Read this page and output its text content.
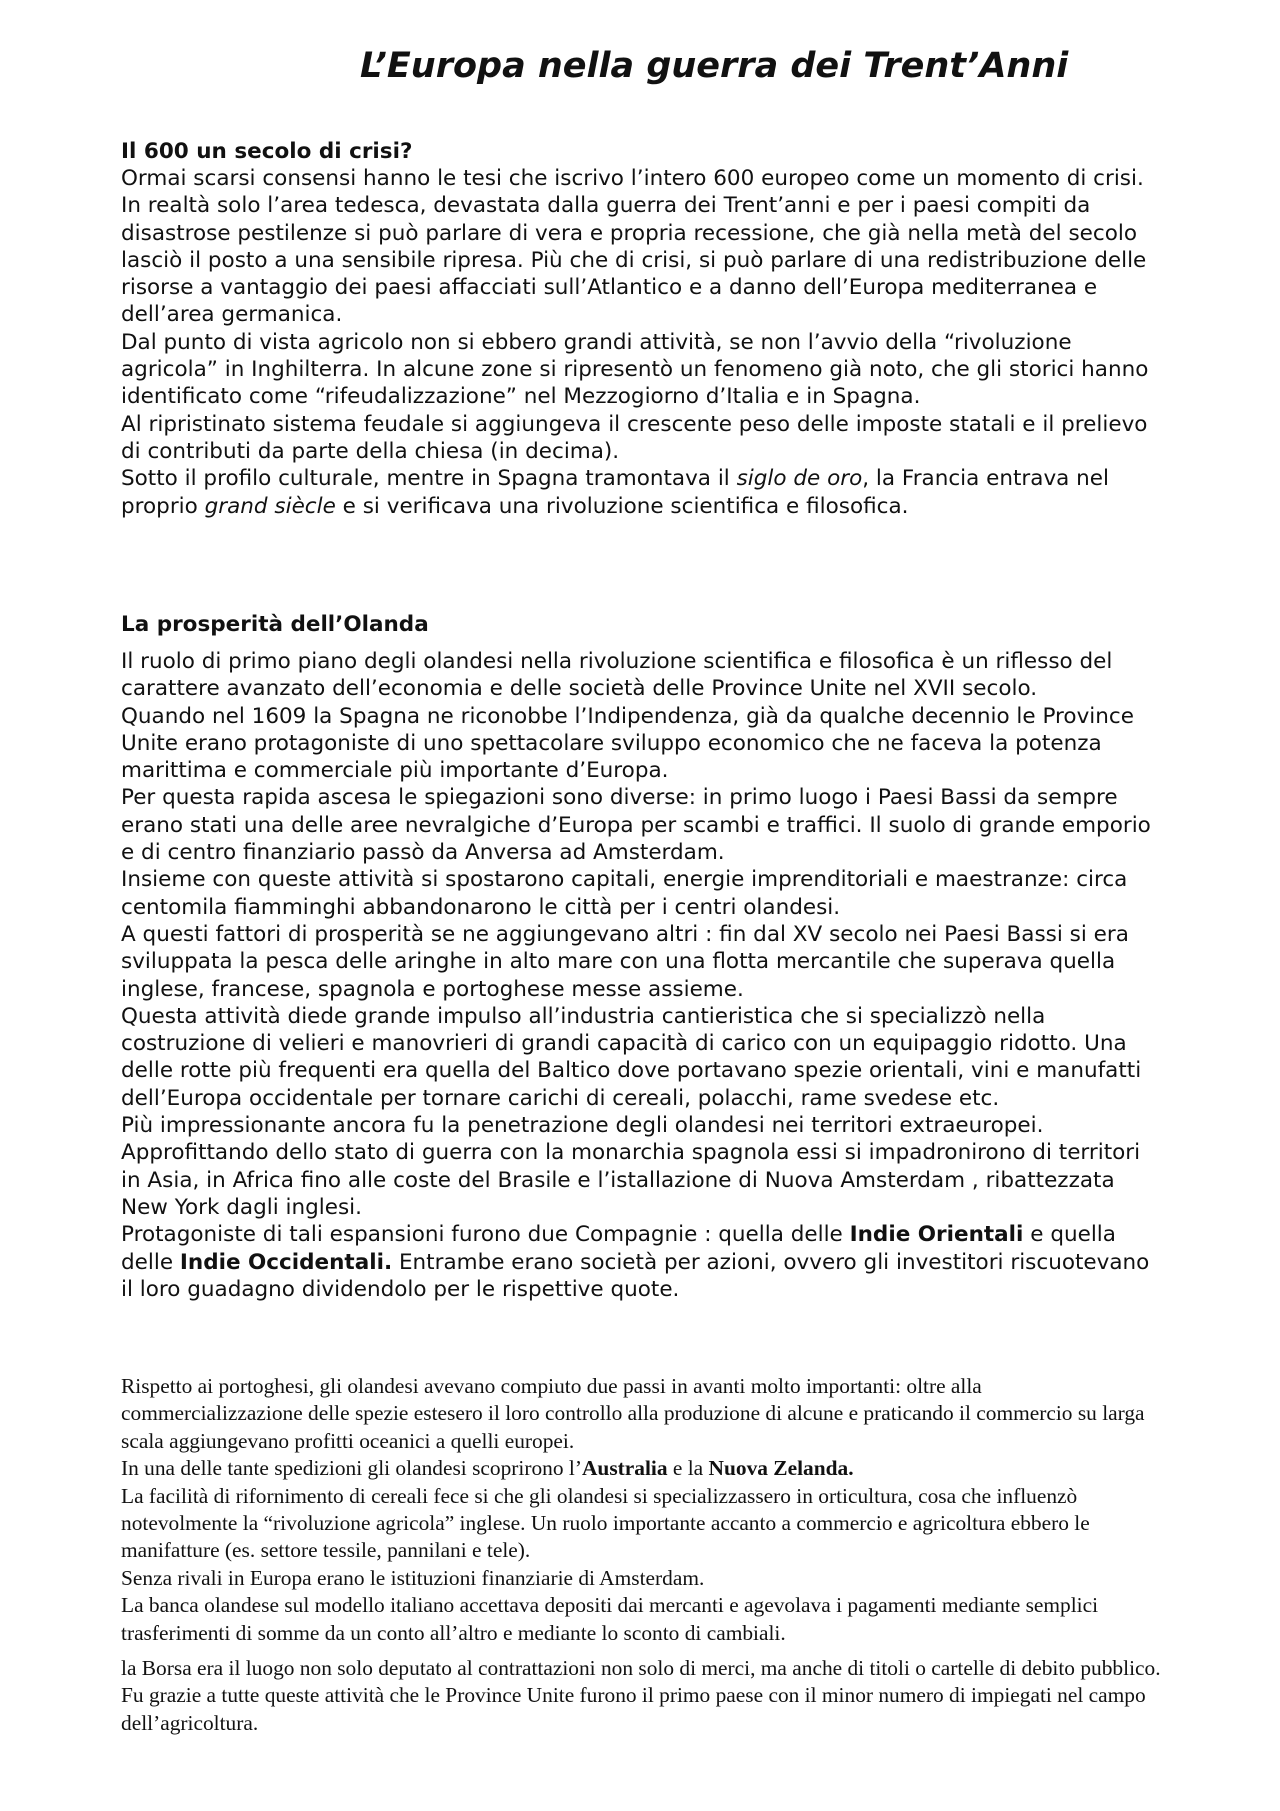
L’Europa nella guerra dei Trent’Anni
Il 600 un secolo di crisi?

Ormai scarsi consensi hanno le tesi che iscrivo l’intero 600 europeo come un momento di crisi.

In realtà solo l’area tedesca, devastata dalla guerra dei Trent’anni e per i paesi compiti da disastrose pestilenze si può parlare di vera e propria recessione, che già nella metà del secolo lasciò il posto a una sensibile ripresa. Più che di crisi, si può parlare di una redistribuzione delle risorse a vantaggio dei paesi affacciati sull’Atlantico e a danno dell’Europa mediterranea e dell’area germanica.

Dal punto di vista agricolo non si ebbero grandi attività, se non l’avvio della “rivoluzione agricola” in Inghilterra. In alcune zone si ripresentò un fenomeno già noto, che gli storici hanno identificato come “rifeudalizzazione” nel Mezzogiorno d’Italia e in Spagna.

Al ripristinato sistema feudale si aggiungeva il crescente peso delle imposte statali e il prelievo di contributi da parte della chiesa (in decima).

Sotto il profilo culturale, mentre in Spagna tramontava il siglo de oro, la Francia entrava nel proprio grand siècle e si verificava una rivoluzione scientifica e filosofica.

La prosperità dell’Olanda

Il ruolo di primo piano degli olandesi nella rivoluzione scientifica e filosofica è un riflesso del carattere avanzato dell’economia e delle società delle Province Unite nel XVII secolo.

Quando nel 1609 la Spagna ne riconobbe l’Indipendenza, già da qualche decennio le Province Unite erano protagoniste di uno spettacolare sviluppo economico che ne faceva la potenza marittima e commerciale più importante d’Europa.

Per questa rapida ascesa le spiegazioni sono diverse: in primo luogo i Paesi Bassi da sempre erano stati una delle aree nevralgiche d’Europa per scambi e traffici. Il suolo di grande emporio e di centro finanziario passò da Anversa ad Amsterdam.

Insieme con queste attività si spostarono capitali, energie imprenditoriali e maestranze: circa centomila fiamminghi abbandonarono le città per i centri olandesi.

A questi fattori di prosperità se ne aggiungevano altri : fin dal XV secolo nei Paesi Bassi si era sviluppata la pesca delle aringhe in alto mare con una flotta mercantile che superava quella inglese, francese, spagnola e portoghese messe assieme.

Questa attività diede grande impulso all’industria cantieristica che si specializzò nella costruzione di velieri e manovrieri di grandi capacità di carico con un equipaggio ridotto. Una delle rotte più frequenti era quella del Baltico dove portavano spezie orientali, vini e manufatti dell’Europa occidentale per tornare carichi di cereali, polacchi, rame svedese etc.

Più impressionante ancora fu la penetrazione degli olandesi nei territori extraeuropei. Approfittando dello stato di guerra con la monarchia spagnola essi si impadronirono di territori in Asia, in Africa fino alle coste del Brasile e l’istallazione di Nuova Amsterdam , ribattezzata New York dagli inglesi.

Protagoniste di tali espansioni furono due Compagnie : quella delle Indie Orientali e quella delle Indie Occidentali. Entrambe erano società per azioni, ovvero gli investitori riscuotevano il loro guadagno dividendolo per le rispettive quote.

Rispetto ai portoghesi, gli olandesi avevano compiuto due passi in avanti molto importanti: oltre alla commercializzazione delle spezie estesero il loro controllo alla produzione di alcune e praticando il commercio su larga scala aggiungevano profitti oceanici a quelli europei.

In una delle tante spedizioni gli olandesi scoprirono l’Australia e la Nuova Zelanda.

La facilità di rifornimento di cereali fece si che gli olandesi si specializzassero in orticultura, cosa che influenzò notevolmente la “rivoluzione agricola” inglese. Un ruolo importante accanto a commercio e agricoltura ebbero le manifatture (es. settore tessile, pannilani e tele).

Senza rivali in Europa erano le istituzioni finanziarie di Amsterdam.

La banca olandese sul modello italiano accettava depositi dai mercanti e agevolava i pagamenti mediante semplici trasferimenti di somme da un conto all’altro e mediante lo sconto di cambiali.

la Borsa era il luogo non solo deputato al contrattazioni non solo di merci, ma anche di titoli o cartelle di debito pubblico.

Fu grazie a tutte queste attività che le Province Unite furono il primo paese con il minor numero di impiegati nel campo dell’agricoltura.
